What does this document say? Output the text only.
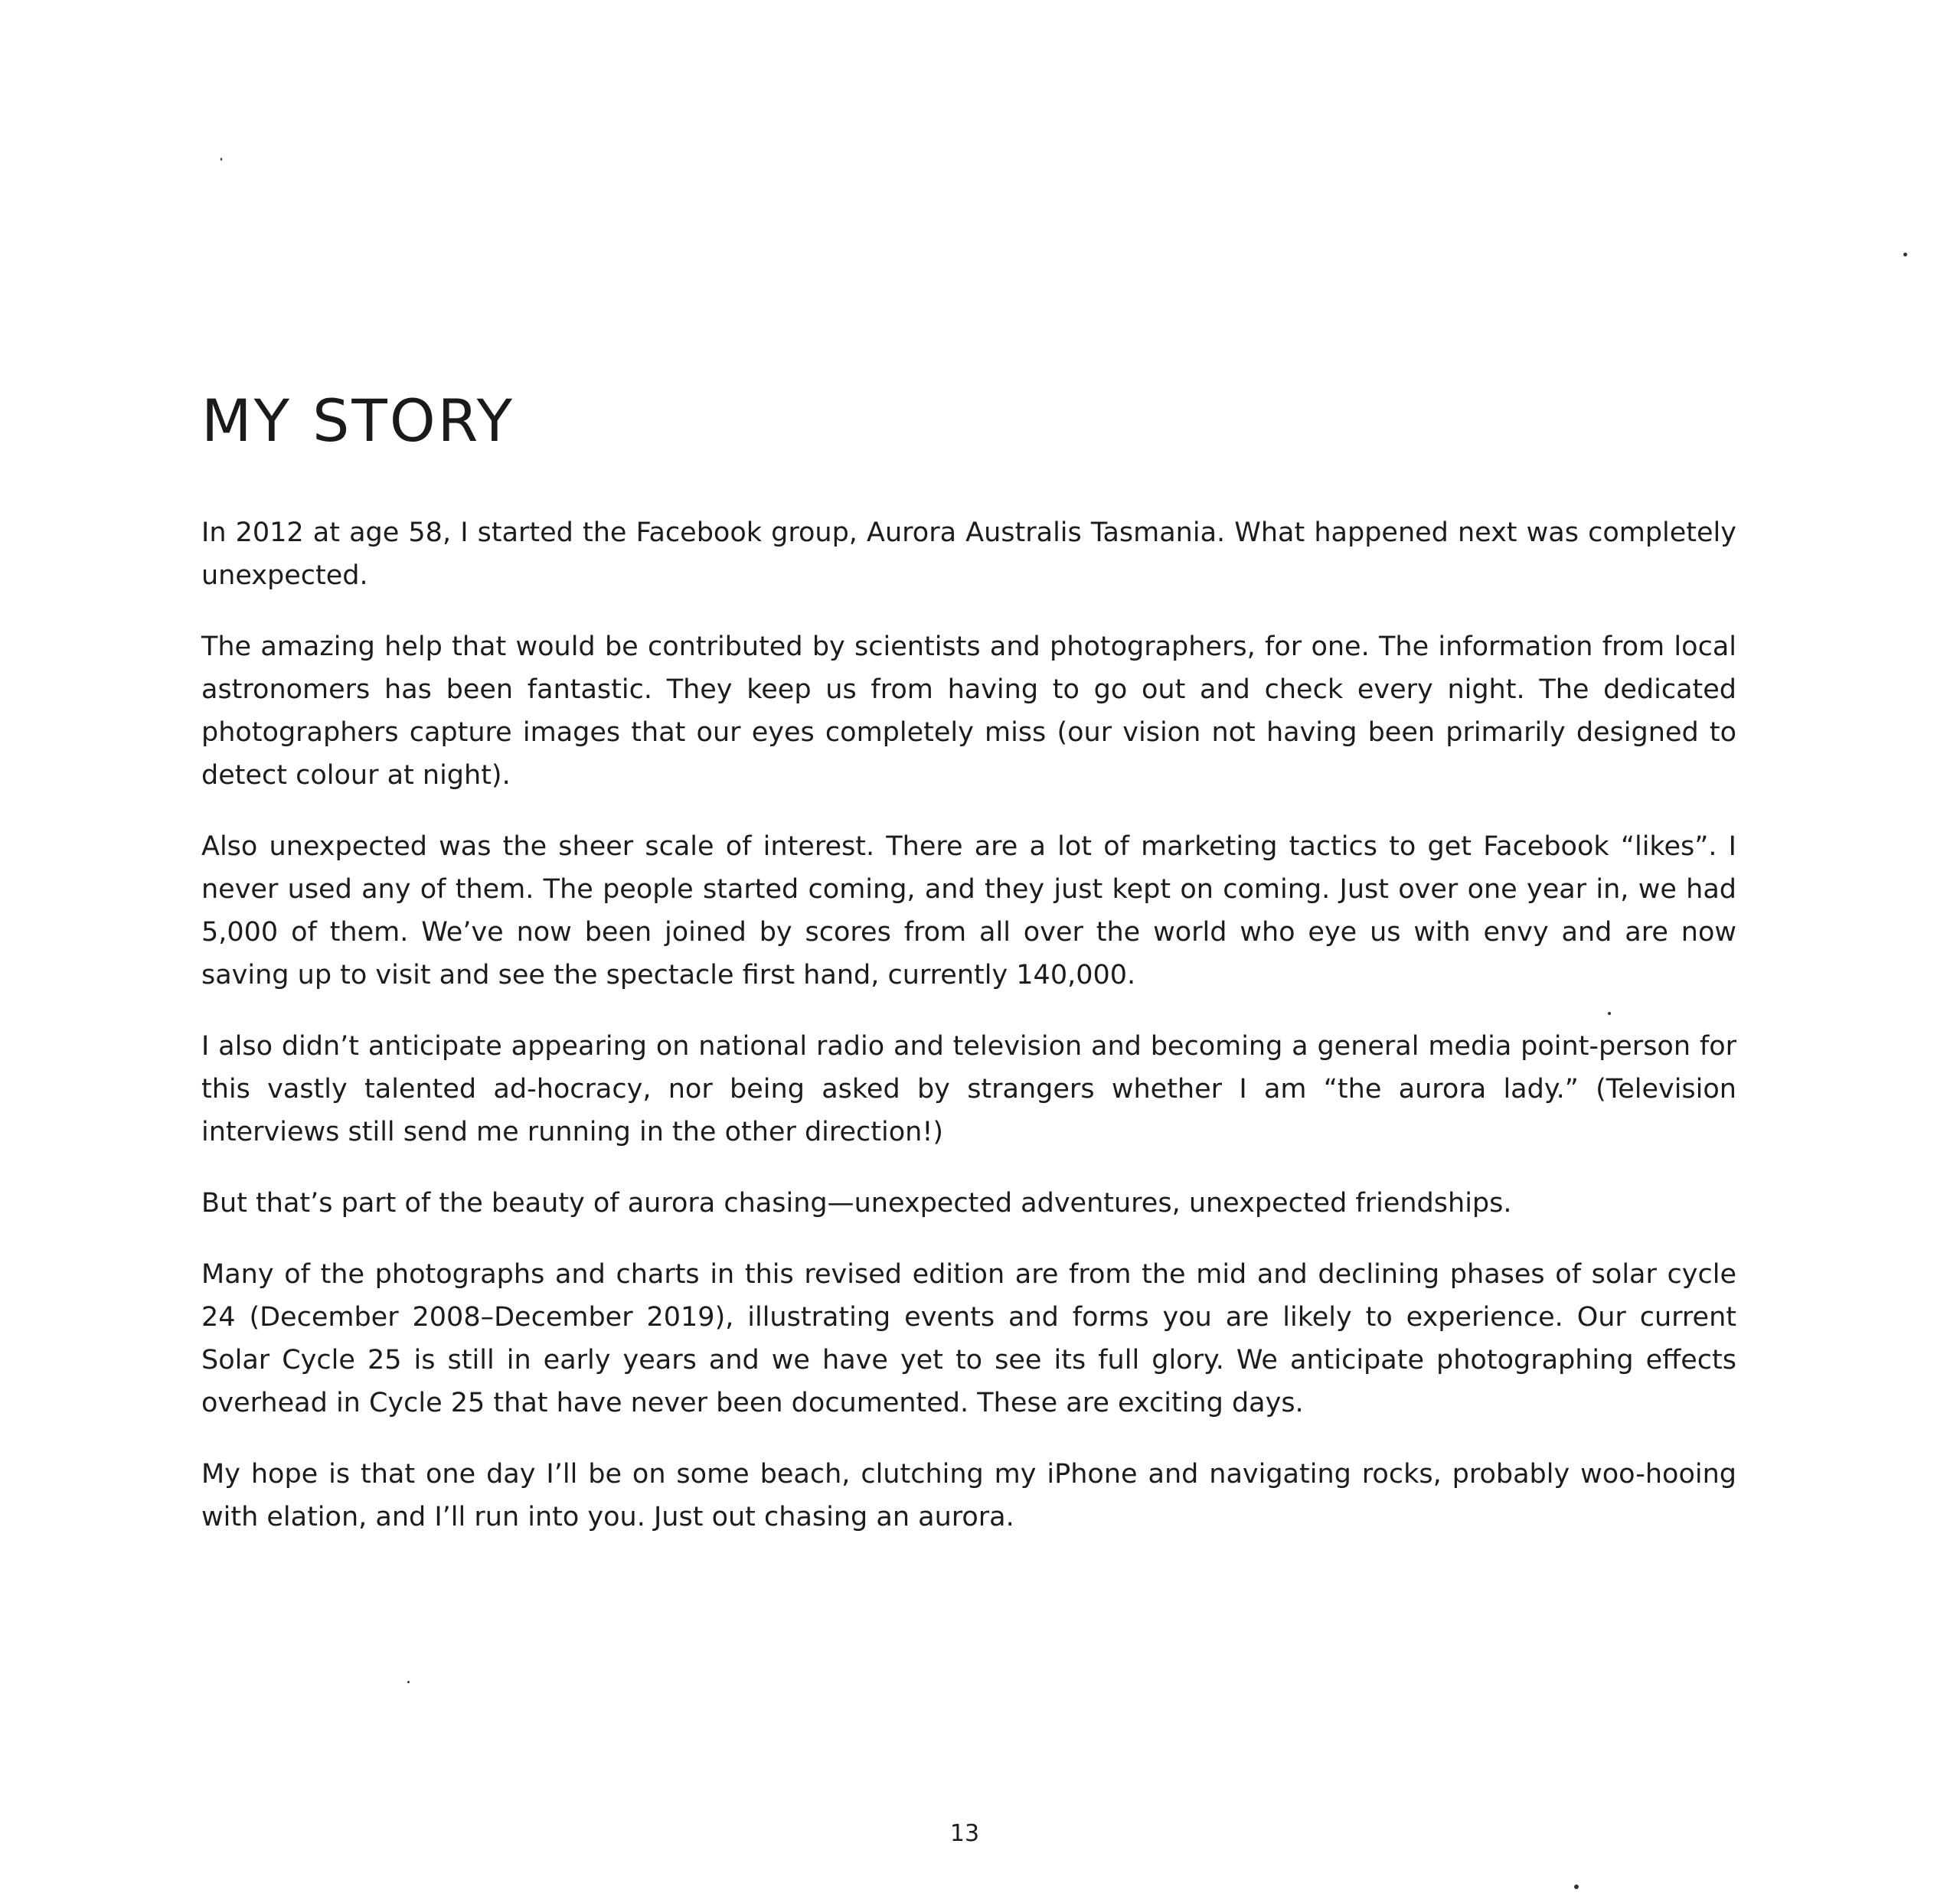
MY STORY

In 2012 at age 58, I started the Facebook group, Aurora Australis Tasmania. What happened next was completely unexpected.

The amazing help that would be contributed by scientists and photographers, for one. The information from local astronomers has been fantastic. They keep us from having to go out and check every night. The dedicated photographers capture images that our eyes completely miss (our vision not having been primarily designed to detect colour at night).

Also unexpected was the sheer scale of interest. There are a lot of marketing tactics to get Facebook “likes”. I never used any of them. The people started coming, and they just kept on coming. Just over one year in, we had 5,000 of them. We’ve now been joined by scores from all over the world who eye us with envy and are now saving up to visit and see the spectacle first hand, currently 140,000.

I also didn’t anticipate appearing on national radio and television and becoming a general media point-person for this vastly talented ad-hocracy, nor being asked by strangers whether I am “the aurora lady.” (Television interviews still send me running in the other direction!)

But that’s part of the beauty of aurora chasing—unexpected adventures, unexpected friendships.

Many of the photographs and charts in this revised edition are from the mid and declining phases of solar cycle 24 (December 2008–December 2019), illustrating events and forms you are likely to experience. Our current Solar Cycle 25 is still in early years and we have yet to see its full glory. We anticipate photographing effects overhead in Cycle 25 that have never been documented. These are exciting days.

My hope is that one day I’ll be on some beach, clutching my iPhone and navigating rocks, probably woo-hooing with elation, and I’ll run into you. Just out chasing an aurora.

13
